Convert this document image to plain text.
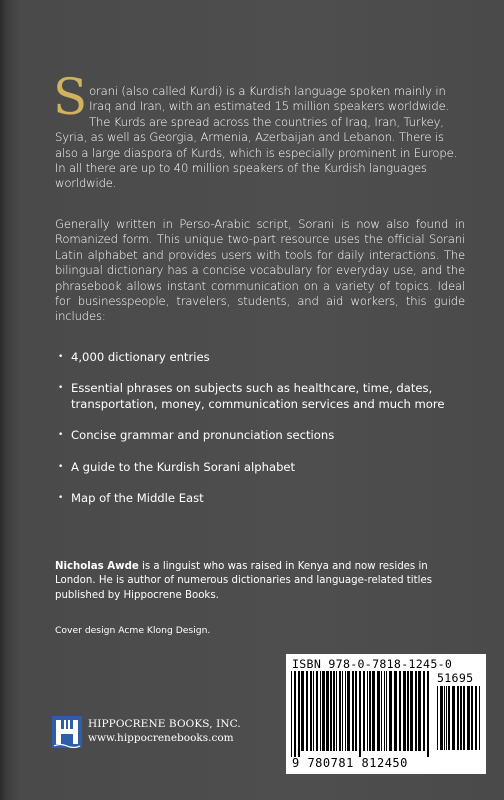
Sorani (also called Kurdi) is a Kurdish language spoken mainly in Iraq and Iran, with an estimated 15 million speakers worldwide. The Kurds are spread across the countries of Iraq, Iran, Turkey, Syria, as well as Georgia, Armenia, Azerbaijan and Lebanon. There is also a large diaspora of Kurds, which is especially prominent in Europe. In all there are up to 40 million speakers of the Kurdish languages worldwide.

Generally written in Perso-Arabic script, Sorani is now also found in Romanized form. This unique two-part resource uses the official Sorani Latin alphabet and provides users with tools for daily interactions. The bilingual dictionary has a concise vocabulary for everyday use, and the phrasebook allows instant communication on a variety of topics. Ideal for businesspeople, travelers, students, and aid workers, this guide includes:

• 4,000 dictionary entries
• Essential phrases on subjects such as healthcare, time, dates, transportation, money, communication services and much more
• Concise grammar and pronunciation sections
• A guide to the Kurdish Sorani alphabet
• Map of the Middle East

Nicholas Awde is a linguist who was raised in Kenya and now resides in London. He is author of numerous dictionaries and language-related titles published by Hippocrene Books.

Cover design Acme Klong Design.
HIPPOCRENE BOOKS, INC.
www.hippocrenebooks.com
ISBN 978-0-7818-1245-0
51695
9 780781 812450
